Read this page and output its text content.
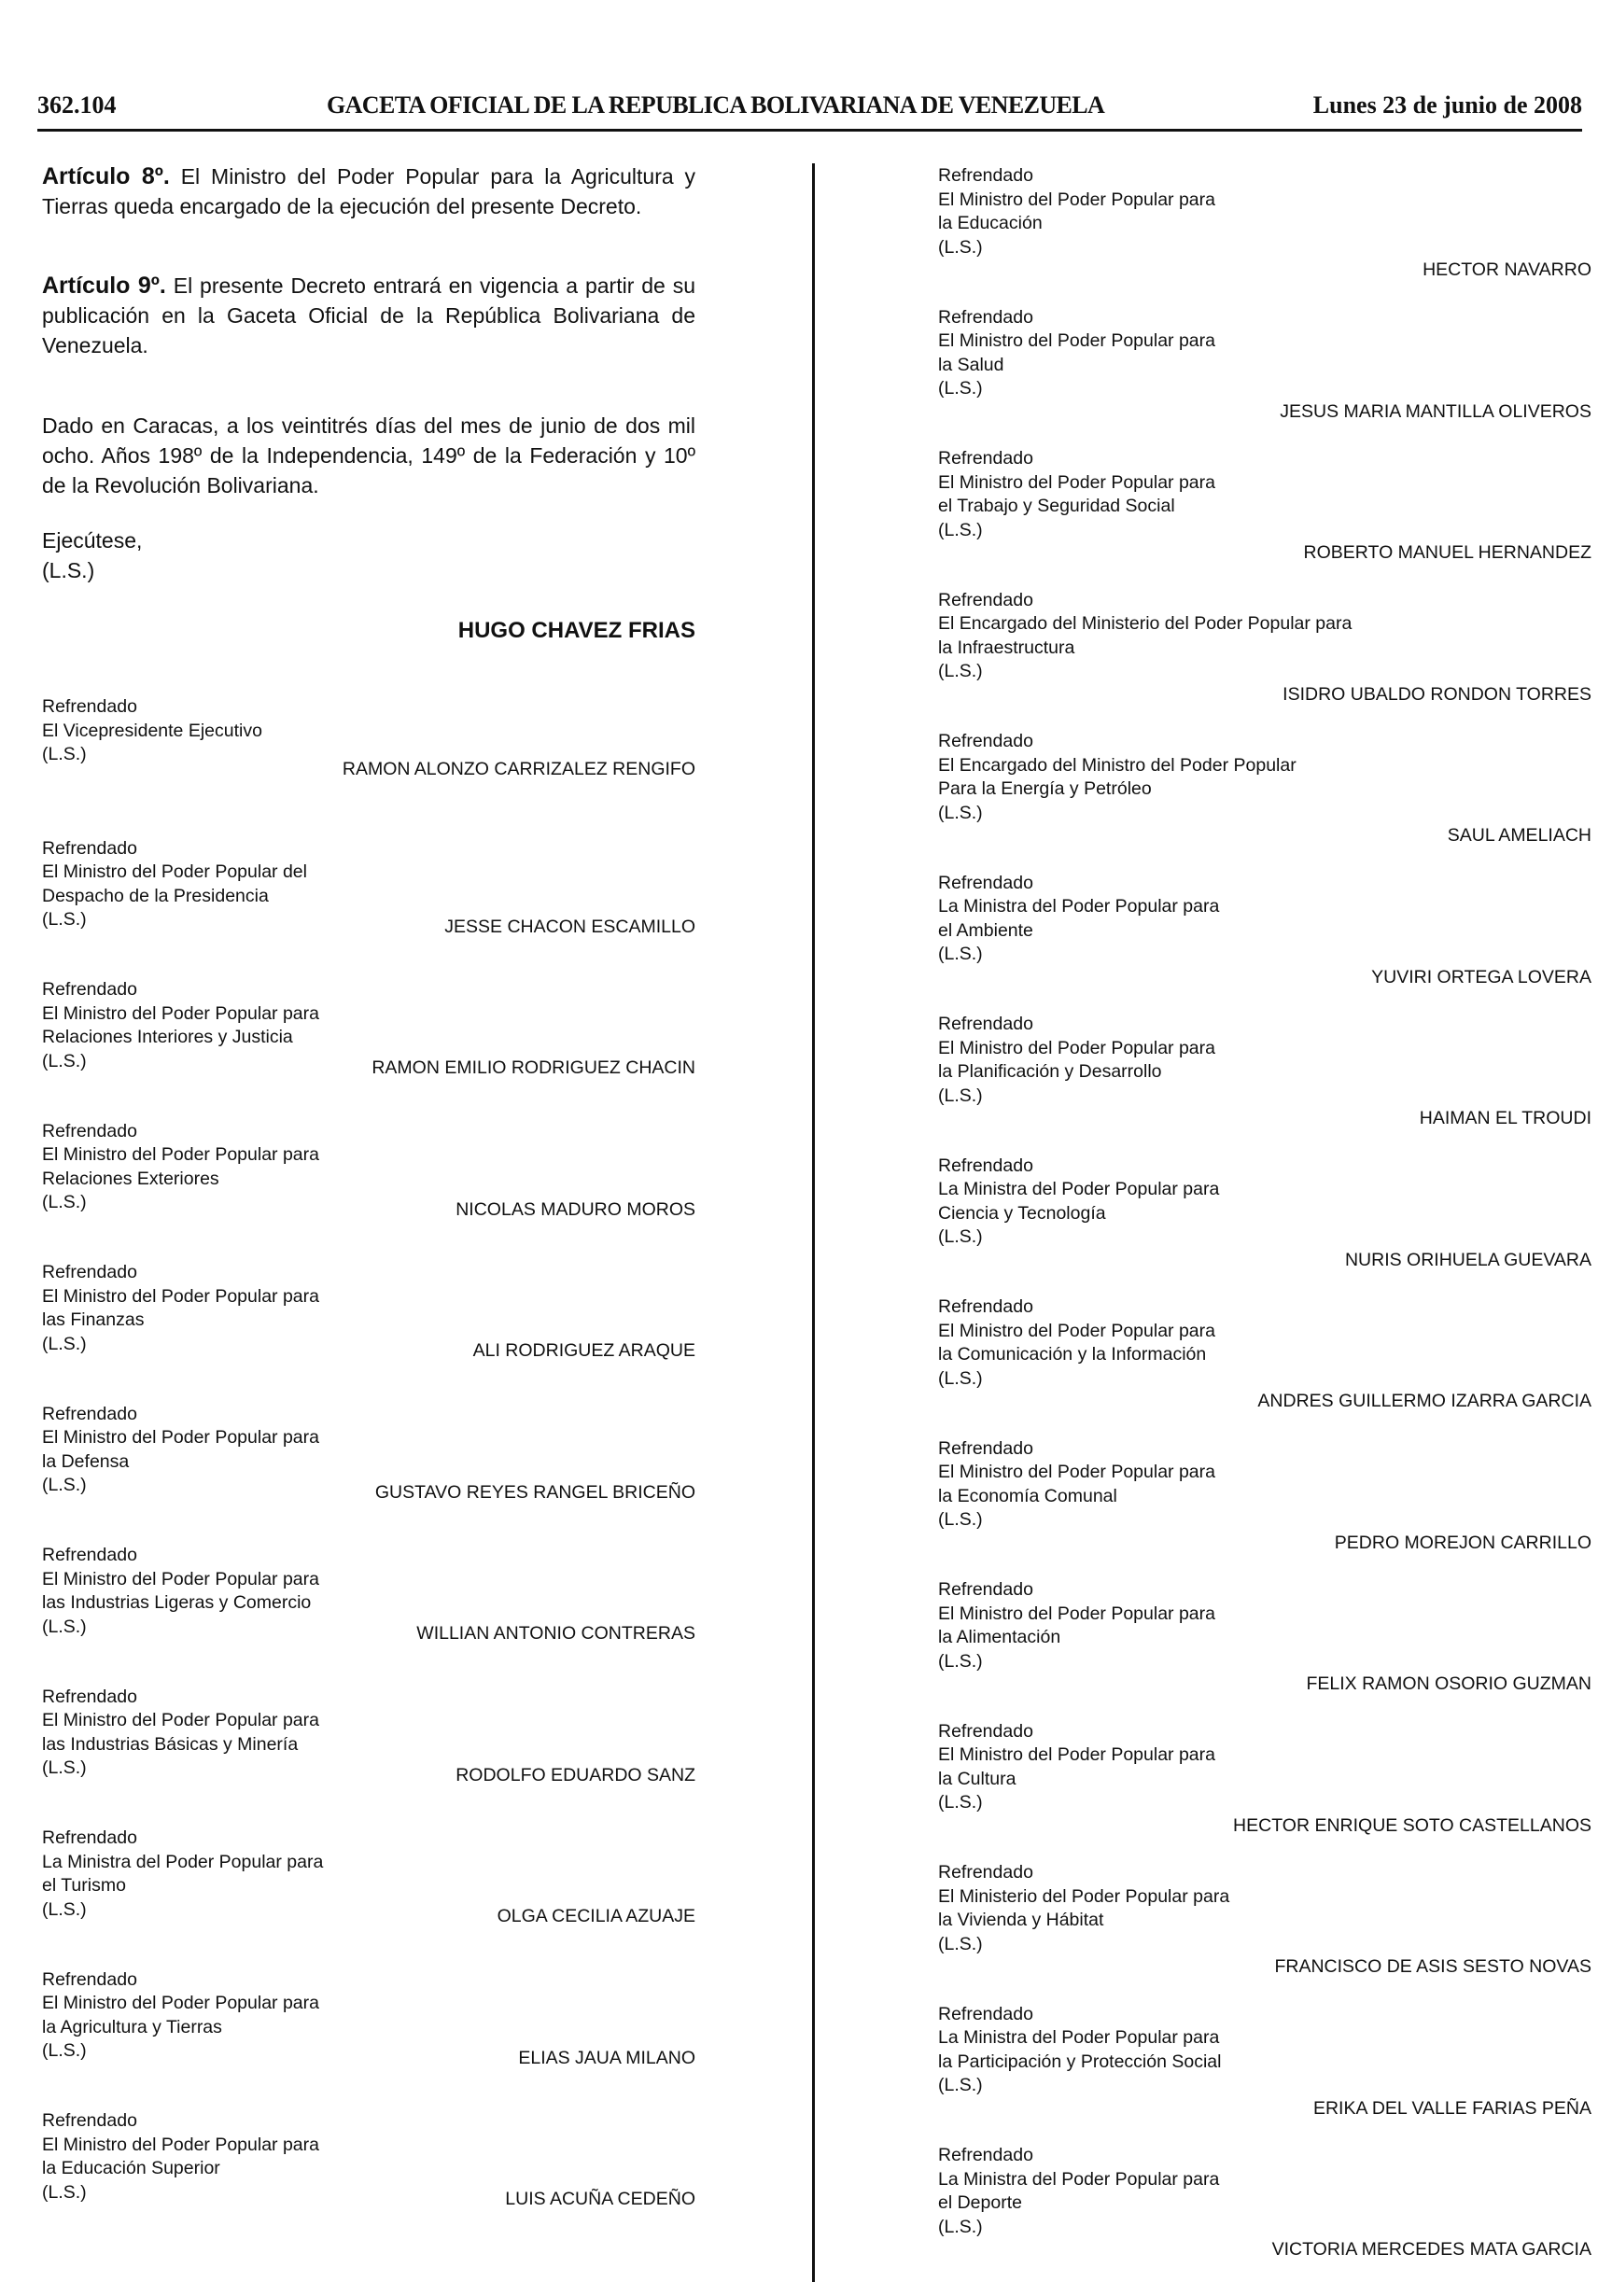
362.104	GACETA OFICIAL DE LA REPUBLICA BOLIVARIANA DE VENEZUELA	Lunes 23 de junio de 2008
Artículo 8º. El Ministro del Poder Popular para la Agricultura y Tierras queda encargado de la ejecución del presente Decreto.
Artículo 9º. El presente Decreto entrará en vigencia a partir de su publicación en la Gaceta Oficial de la República Bolivariana de Venezuela.
Dado en Caracas, a los veintitrés días del mes de junio de dos mil ocho. Años 198º de la Independencia, 149º de la Federación y 10º de la Revolución Bolivariana.
Ejecútese,
(L.S.)
HUGO CHAVEZ FRIAS
Refrendado
El Vicepresidente Ejecutivo
(L.S.)
RAMON ALONZO CARRIZALEZ RENGIFO
Refrendado
El Ministro del Poder Popular del
Despacho de la Presidencia
(L.S.)	JESSE CHACON ESCAMILLO
Refrendado
El Ministro del Poder Popular para
Relaciones Interiores y Justicia
(L.S.)	RAMON EMILIO RODRIGUEZ CHACIN
Refrendado
El Ministro del Poder Popular para
Relaciones Exteriores
(L.S.)	NICOLAS MADURO MOROS
Refrendado
El Ministro del Poder Popular para
las Finanzas
(L.S.)	ALI RODRIGUEZ ARAQUE
Refrendado
El Ministro del Poder Popular para
la Defensa
(L.S.)	GUSTAVO REYES RANGEL BRICEÑO
Refrendado
El Ministro del Poder Popular para
las Industrias Ligeras y Comercio
(L.S.)	WILLIAN ANTONIO CONTRERAS
Refrendado
El Ministro del Poder Popular para
las Industrias Básicas y Minería
(L.S.)	RODOLFO EDUARDO SANZ
Refrendado
La Ministra del Poder Popular para
el Turismo
(L.S.)	OLGA CECILIA AZUAJE
Refrendado
El Ministro del Poder Popular para
la Agricultura y Tierras
(L.S.)	ELIAS JAUA MILANO
Refrendado
El Ministro del Poder Popular para
la Educación Superior
(L.S.)	LUIS ACUÑA CEDEÑO
Refrendado
El Ministro del Poder Popular para
la Educación
(L.S.)
HECTOR NAVARRO
Refrendado
El Ministro del Poder Popular para
la Salud
(L.S.)
JESUS MARIA MANTILLA OLIVEROS
Refrendado
El Ministro del Poder Popular para
el Trabajo y Seguridad Social
(L.S.)
ROBERTO MANUEL HERNANDEZ
Refrendado
El Encargado del Ministerio del Poder Popular para
la Infraestructura
(L.S.)
ISIDRO UBALDO RONDON TORRES
Refrendado
El Encargado del Ministro del Poder Popular
Para la Energía y Petróleo
(L.S.)
SAUL AMELIACH
Refrendado
La Ministra del Poder Popular para
el Ambiente
(L.S.)
YUVIRI ORTEGA LOVERA
Refrendado
El Ministro del Poder Popular para
la Planificación y Desarrollo
(L.S.)
HAIMAN EL TROUDI
Refrendado
La Ministra del Poder Popular para
Ciencia y Tecnología
(L.S.)
NURIS ORIHUELA GUEVARA
Refrendado
El Ministro del Poder Popular para
la Comunicación y la Información
(L.S.)
ANDRES GUILLERMO IZARRA GARCIA
Refrendado
El Ministro del Poder Popular para
la Economía Comunal
(L.S.)
PEDRO MOREJON CARRILLO
Refrendado
El Ministro del Poder Popular para
la Alimentación
(L.S.)
FELIX RAMON OSORIO GUZMAN
Refrendado
El Ministro del Poder Popular para
la Cultura
(L.S.)
HECTOR ENRIQUE SOTO CASTELLANOS
Refrendado
El Ministerio del Poder Popular para
la Vivienda y Hábitat
(L.S.)
FRANCISCO DE ASIS SESTO NOVAS
Refrendado
La Ministra del Poder Popular para
la Participación y Protección Social
(L.S.)
ERIKA DEL VALLE FARIAS PEÑA
Refrendado
La Ministra del Poder Popular para
el Deporte
(L.S.)
VICTORIA MERCEDES MATA GARCIA
